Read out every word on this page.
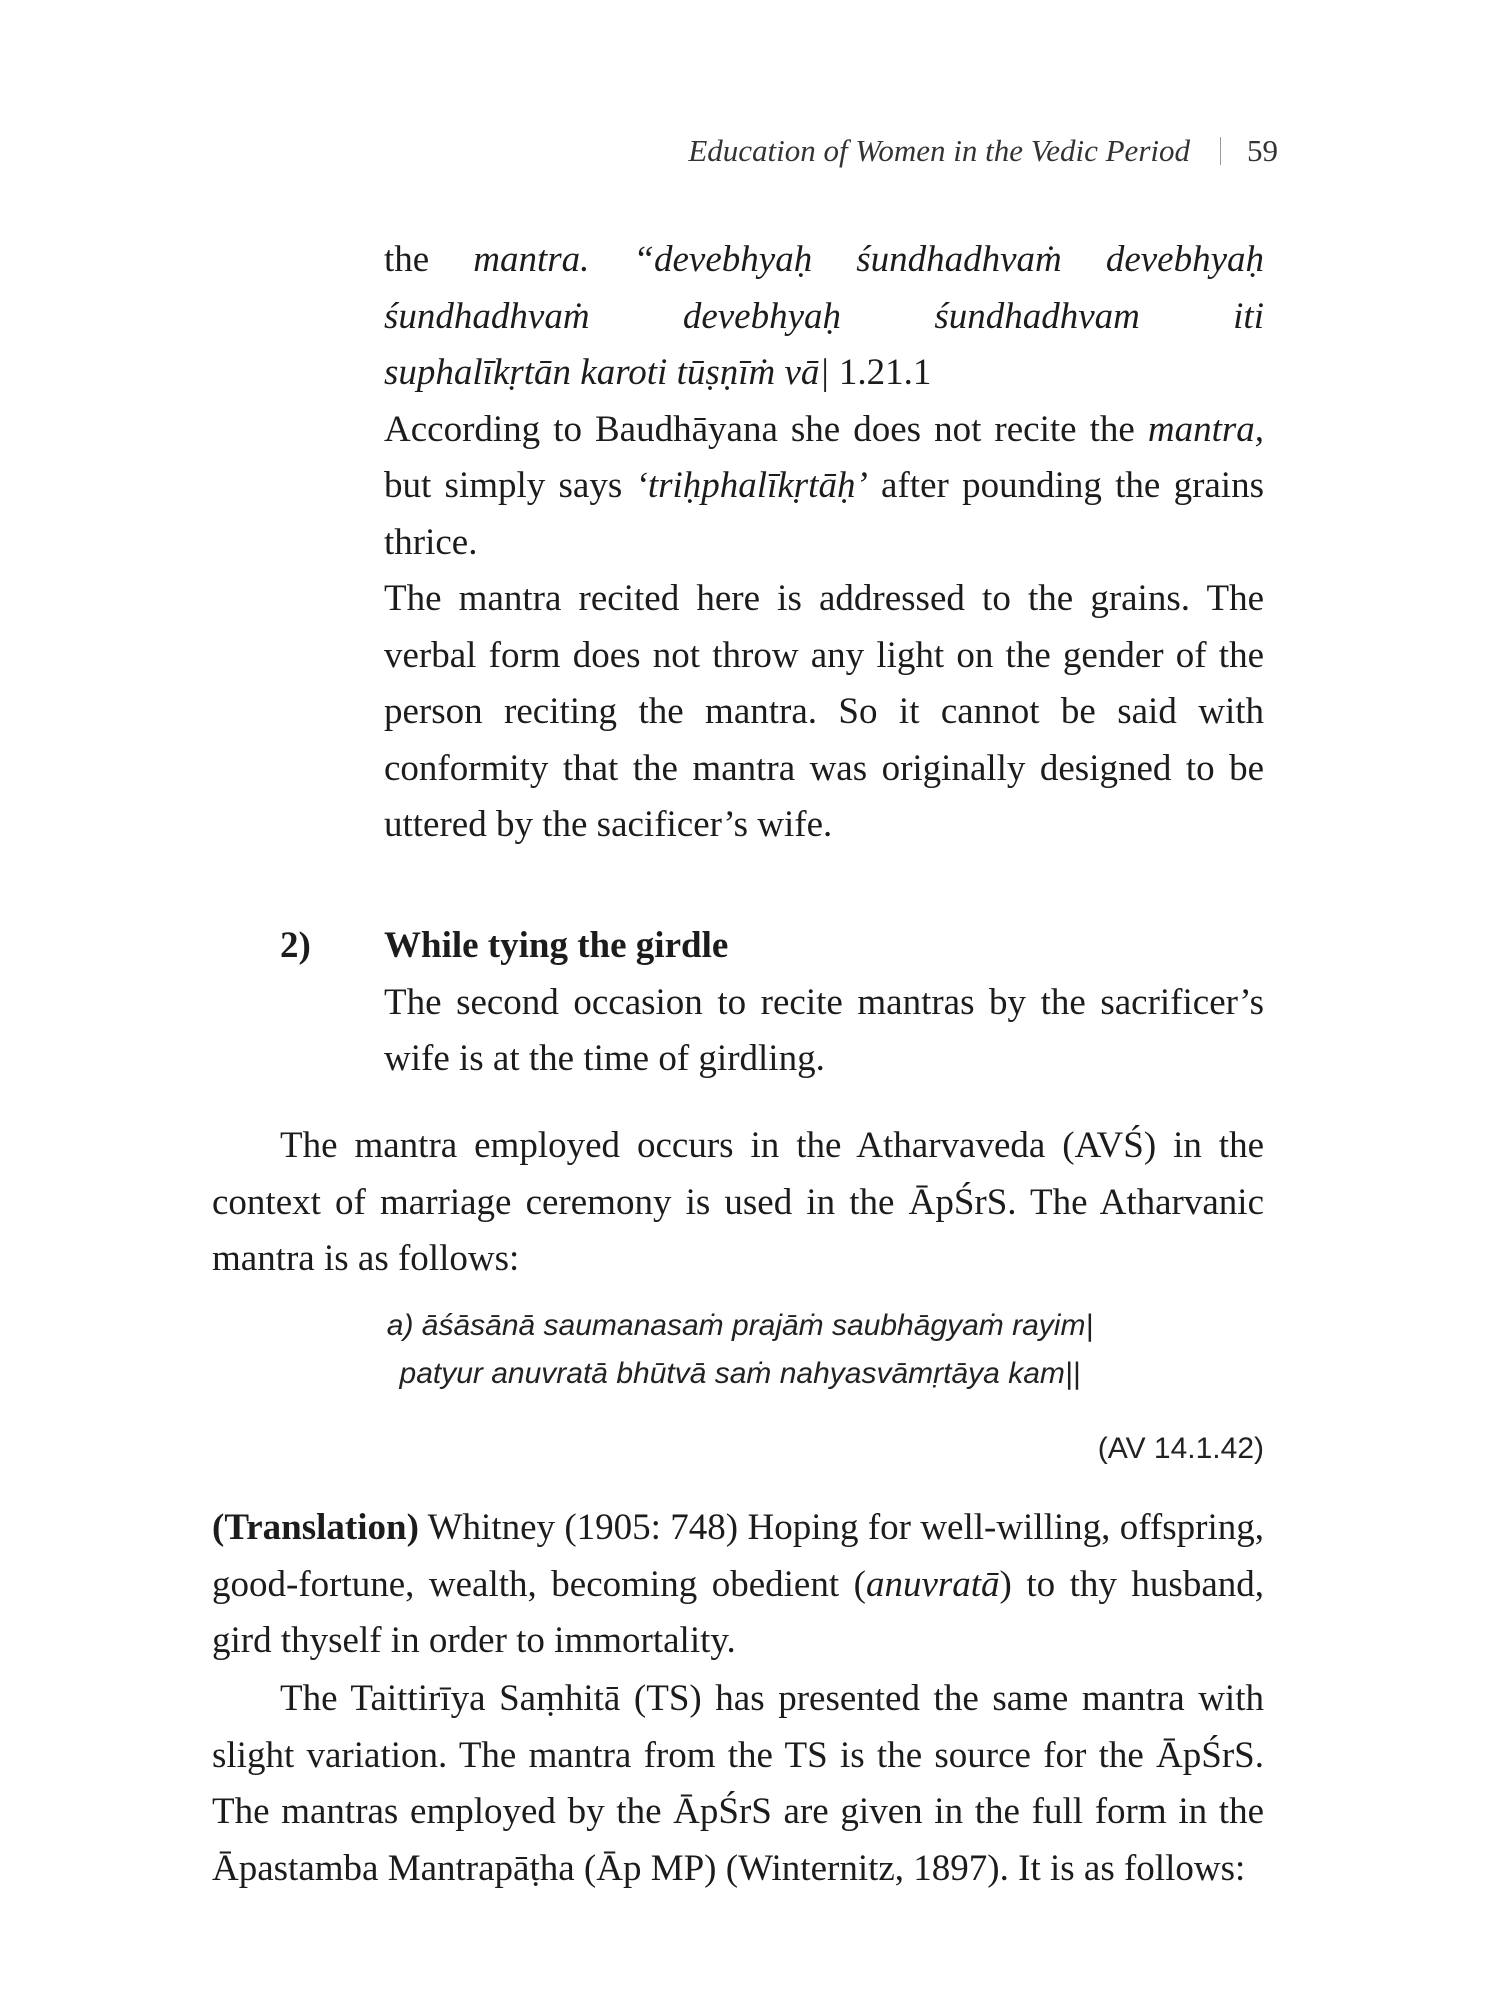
Education of Women in the Vedic Period 59
the mantra. “devebhyaḥ śundhadhvaṁ devebhyaḥ
śundhadhvaṁ devebhyaḥ śundhadhvam iti
suphalīkṛtān karoti tūṣṇīṁ vā| 1.21.1
According to Baudhāyana she does not recite the mantra, but simply says ‘triḥphalīkṛtāḥ’ after pounding the grains thrice.
The mantra recited here is addressed to the grains. The verbal form does not throw any light on the gender of the person reciting the mantra. So it cannot be said with conformity that the mantra was originally designed to be uttered by the sacificer’s wife.
2) While tying the girdle
The second occasion to recite mantras by the sacrificer’s wife is at the time of girdling.
The mantra employed occurs in the Atharvaveda (AVŚ) in the context of marriage ceremony is used in the ĀpŚrS. The Atharvanic mantra is as follows:
a) āśāsānā saumanasaṁ prajāṁ saubhāgyaṁ rayim|
patyur anuvratā bhūtvā saṁ nahyasvāmṛtāya kam||
(AV 14.1.42)
(Translation) Whitney (1905: 748) Hoping for well-willing, offspring, good-fortune, wealth, becoming obedient (anuvratā) to thy husband, gird thyself in order to immortality.
The Taittirīya Saṃhitā (TS) has presented the same mantra with slight variation. The mantra from the TS is the source for the ĀpŚrS. The mantras employed by the ĀpŚrS are given in the full form in the Āpastamba Mantrapāṭha (Āp MP) (Winternitz, 1897). It is as follows:
